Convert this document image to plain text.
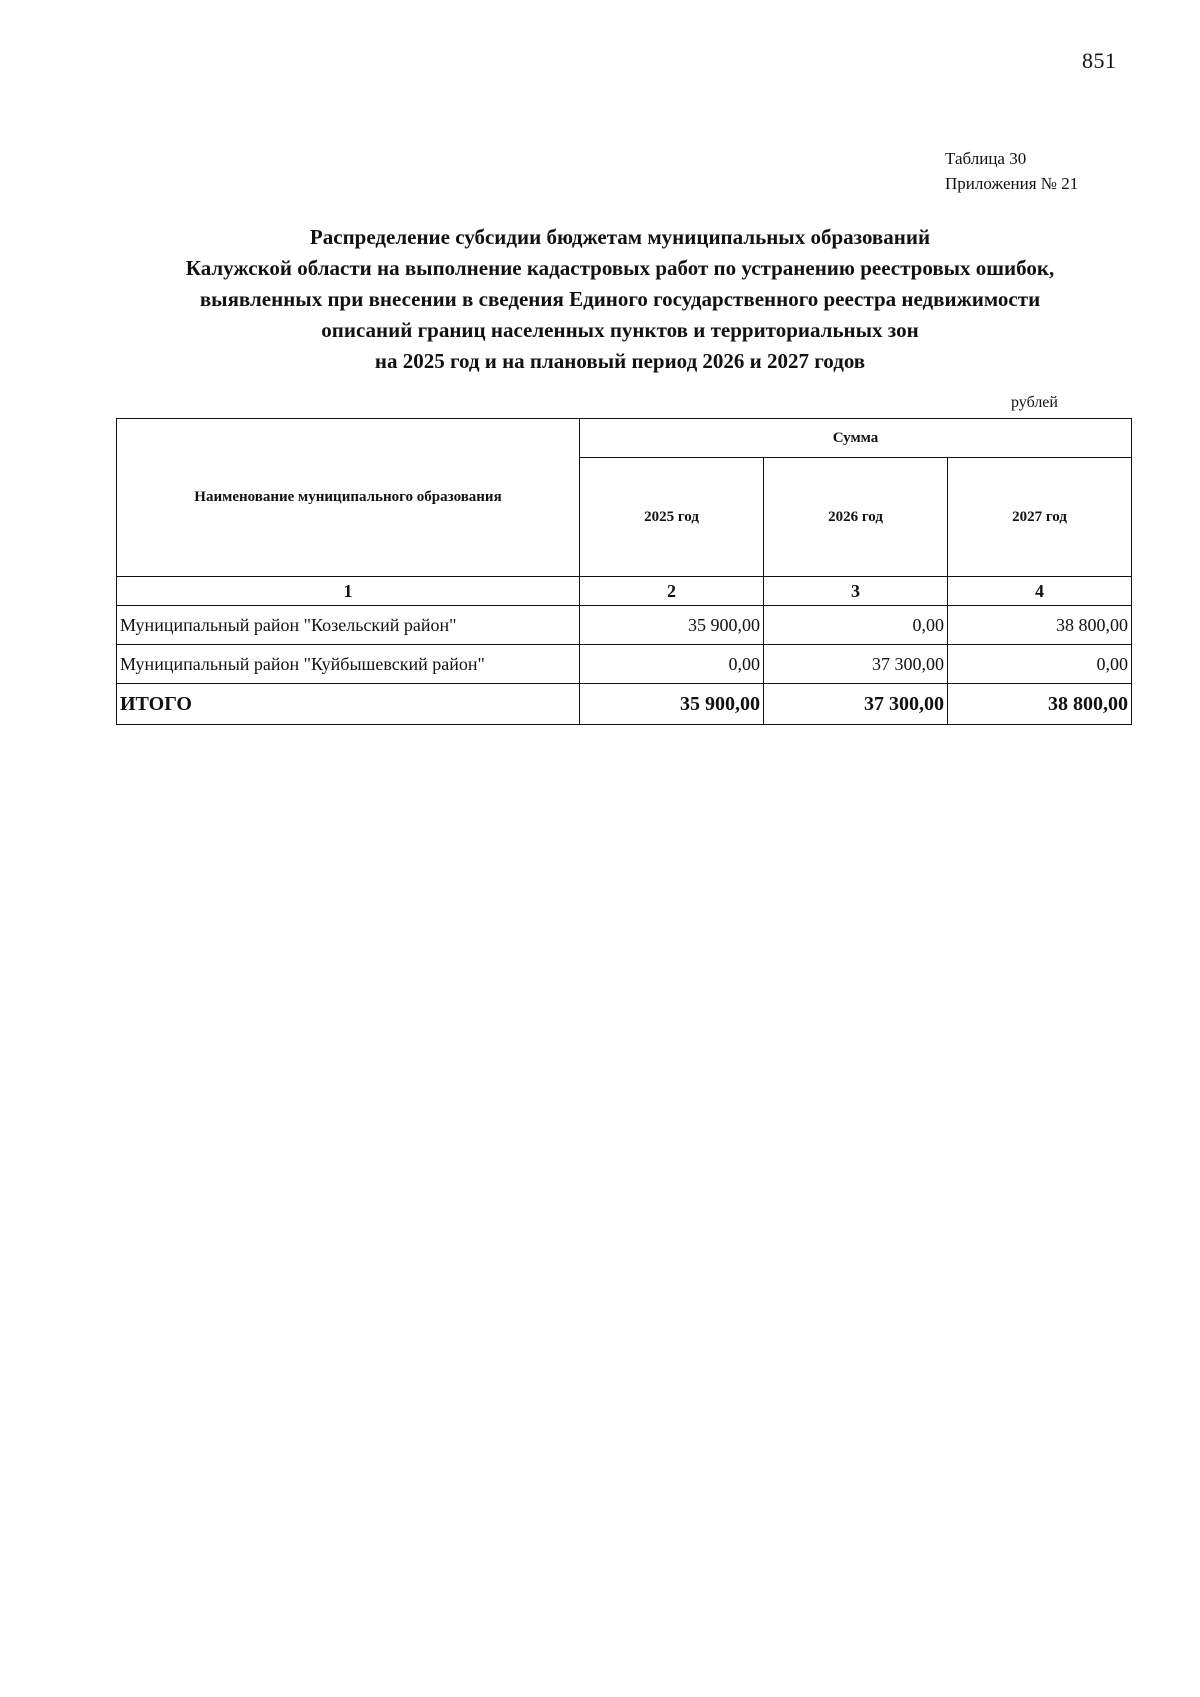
851
Таблица 30
Приложения № 21
Распределение субсидии бюджетам муниципальных образований
Калужской области на выполнение кадастровых работ по устранению реестровых ошибок,
выявленных при внесении в сведения Единого государственного реестра недвижимости
описаний границ населенных пунктов и территориальных зон
на 2025 год и на плановый период 2026 и 2027 годов
рублей
Наименование муниципального образования	Сумма		
	2025 год	2026 год	2027 год
1	2	3	4
Муниципальный район "Козельский район"	35 900,00	0,00	38 800,00
Муниципальный район "Куйбышевский район"	0,00	37 300,00	0,00
ИТОГО	35 900,00	37 300,00	38 800,00
